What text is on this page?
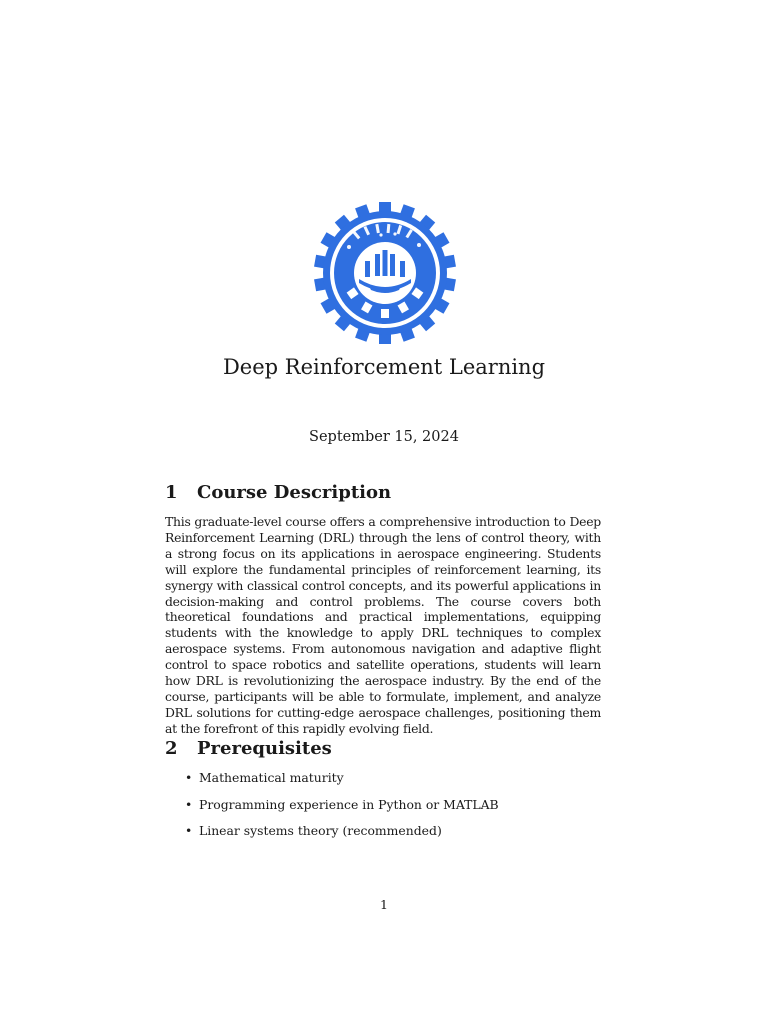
Deep Reinforcement Learning
September 15, 2024
1 Course Description

This graduate-level course offers a comprehensive introduction to Deep Reinforcement Learning (DRL) through the lens of control theory, with a strong focus on its applications in aerospace engineering. Students will explore the fundamental principles of reinforcement learning, its synergy with classical control concepts, and its powerful applications in decision-making and control problems. The course covers both theoretical foundations and practical implementations, equipping students with the knowledge to apply DRL techniques to complex aerospace systems. From autonomous navigation and adaptive flight control to space robotics and satellite operations, students will learn how DRL is revolutionizing the aerospace industry. By the end of the course, participants will be able to formulate, implement, and analyze DRL solutions for cutting-edge aerospace challenges, positioning them at the forefront of this rapidly evolving field.

2 Prerequisites
• Mathematical maturity
• Programming experience in Python or MATLAB
• Linear systems theory (recommended)
1
